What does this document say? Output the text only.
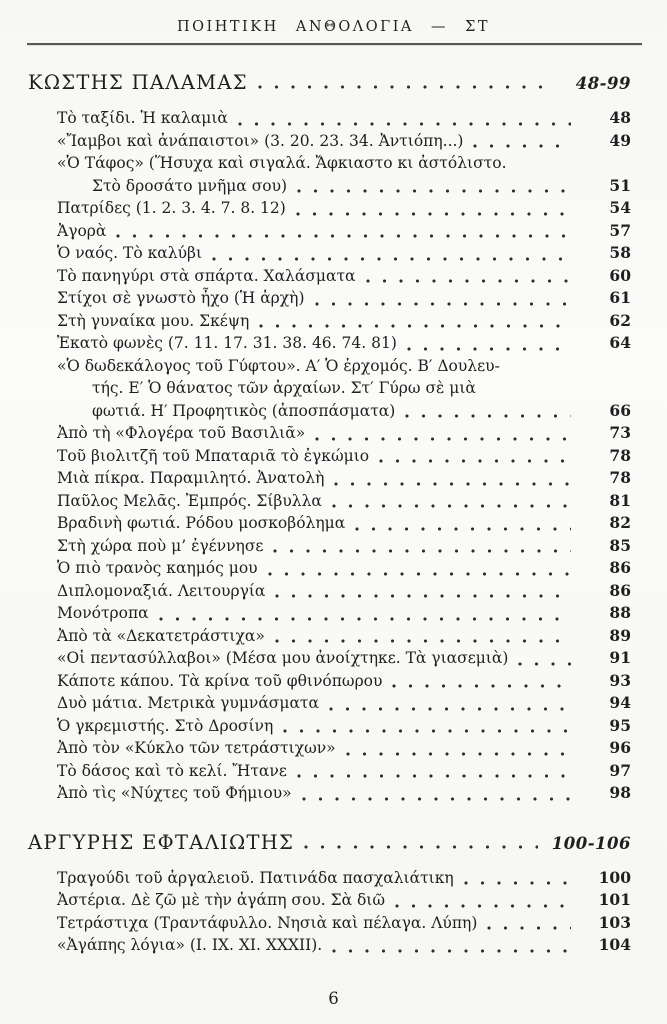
ΠΟΙΗΤΙΚΗ ΑΝΘΟΛΟΓΙΑ — ΣΤ
ΚΩΣΤΗΣ ΠΑΛΑΜΑΣ	48-99
Τὸ ταξίδι. Ἡ καλαμιὰ	48
«Ἴαμβοι καὶ ἀνάπαιστοι» (3. 20. 23. 34. Ἀντιόπη...)	49
«Ὁ Τάφος» (Ἥσυχα καὶ σιγαλά. Ἄφκιαστο κι ἀστόλιστο.
Στὸ δροσάτο μνῆμα σου)	51
Πατρίδες (1. 2. 3. 4. 7. 8. 12)	54
Ἀγορὰ	57
Ὁ ναός. Τὸ καλύβι	58
Τὸ πανηγύρι στὰ σπάρτα. Χαλάσματα	60
Στίχοι σὲ γνωστὸ ἦχο (Ἡ ἀρχὴ)	61
Στὴ γυναίκα μου. Σκέψη	62
Ἑκατὸ φωνὲς (7. 11. 17. 31. 38. 46. 74. 81)	64
«Ὁ δωδεκάλογος τοῦ Γύφτου». Α′ Ὁ ἐρχομός. Β′ Δουλευ-
τής. Ε′ Ὁ θάνατος τῶν ἀρχαίων. Στ′ Γύρω σὲ μιὰ
φωτιά. Η′ Προφητικὸς (ἀποσπάσματα)	66
Ἀπὸ τὴ «Φλογέρα τοῦ Βασιλιᾶ»	73
Τοῦ βιολιτζῆ τοῦ Μπαταριᾶ τὸ ἐγκώμιο	78
Μιὰ πίκρα. Παραμιλητό. Ἀνατολὴ	78
Παῦλος Μελᾶς. Ἐμπρός. Σίβυλλα	81
Βραδινὴ φωτιά. Ρόδου μοσκοβόλημα	82
Στὴ χώρα ποὺ μ’ ἐγέννησε	85
Ὁ πιὸ τρανὸς καημός μου	86
Διπλομοναξιά. Λειτουργία	86
Μονότροπα	88
Ἀπὸ τὰ «Δεκατετράστιχα»	89
«Οἱ πεντασύλλαβοι» (Μέσα μου ἀνοίχτηκε. Τὰ γιασεμιὰ)	91
Κάποτε κάπου. Τὰ κρίνα τοῦ φθινόπωρου	93
Δυὸ μάτια. Μετρικὰ γυμνάσματα	94
Ὁ γκρεμιστής. Στὸ Δροσίνη	95
Ἀπὸ τὸν «Κύκλο τῶν τετράστιχων»	96
Τὸ δάσος καὶ τὸ κελί. Ἤτανε	97
Ἀπὸ τὶς «Νύχτες τοῦ Φήμιου»	98
ΑΡΓΥΡΗΣ ΕΦΤΑΛΙΩΤΗΣ	100-106
Τραγούδι τοῦ ἀργαλειοῦ. Πατινάδα πασχαλιάτικη	100
Ἀστέρια. Δὲ ζῶ μὲ τὴν ἀγάπη σου. Σὰ διῶ	101
Τετράστιχα (Τραντάφυλλο. Νησιὰ καὶ πέλαγα. Λύπη)	103
«Ἀγάπης λόγια» (I. IX. XI. XXXII).	104
6
